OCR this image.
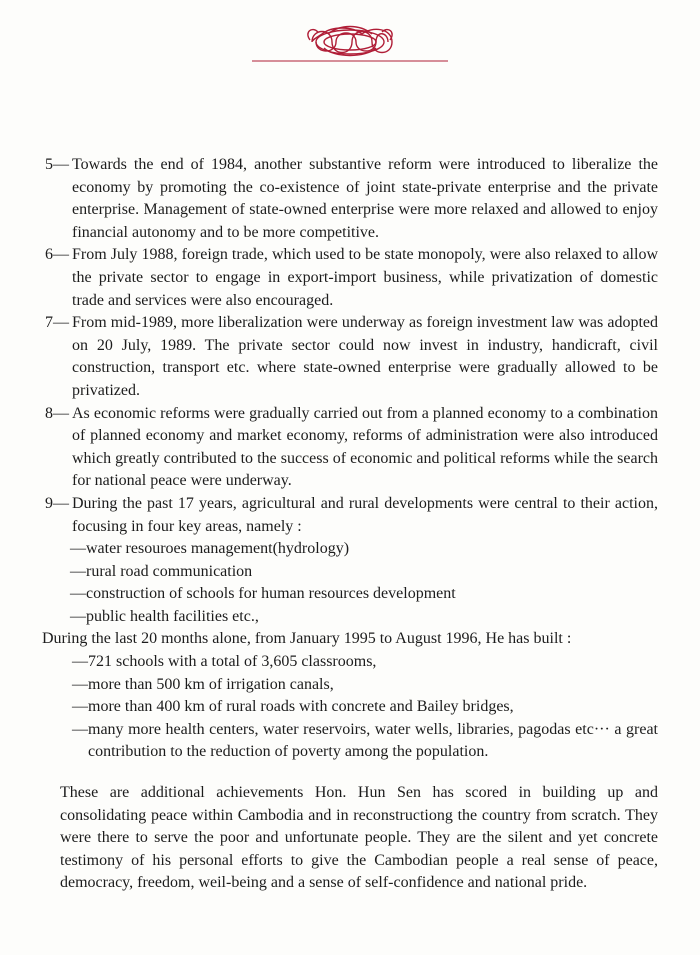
5— Towards the end of 1984, another substantive reform were introduced to liberalize the economy by promoting the co-existence of joint state-private enterprise and the private enterprise. Management of state-owned enterprise were more relaxed and allowed to enjoy financial autonomy and to be more competitive.
6— From July 1988, foreign trade, which used to be state monopoly, were also relaxed to allow the private sector to engage in export-import business, while privatization of domestic trade and services were also encouraged.
7— From mid-1989, more liberalization were underway as foreign investment law was adopted on 20 July, 1989. The private sector could now invest in industry, handicraft, civil construction, transport etc. where state-owned enterprise were gradually allowed to be privatized.
8— As economic reforms were gradually carried out from a planned economy to a combination of planned economy and market economy, reforms of administration were also introduced which greatly contributed to the success of economic and political reforms while the search for national peace were underway.
9— During the past 17 years, agricultural and rural developments were central to their action, focusing in four key areas, namely :
—water resouroes management(hydrology)
—rural road communication
—construction of schools for human resources development
—public health facilities etc.,
During the last 20 months alone, from January 1995 to August 1996, He has built :
— 721 schools with a total of 3,605 classrooms,
— more than 500 km of irrigation canals,
— more than 400 km of rural roads with concrete and Bailey bridges,
— many more health centers, water reservoirs, water wells, libraries, pagodas etc··· a great contribution to the reduction of poverty among the population.
These are additional achievements Hon. Hun Sen has scored in building up and consolidating peace within Cambodia and in reconstructiong the country from scratch. They were there to serve the poor and unfortunate people. They are the silent and yet concrete testimony of his personal efforts to give the Cambodian people a real sense of peace, democracy, freedom, weil-being and a sense of self-confidence and national pride.
